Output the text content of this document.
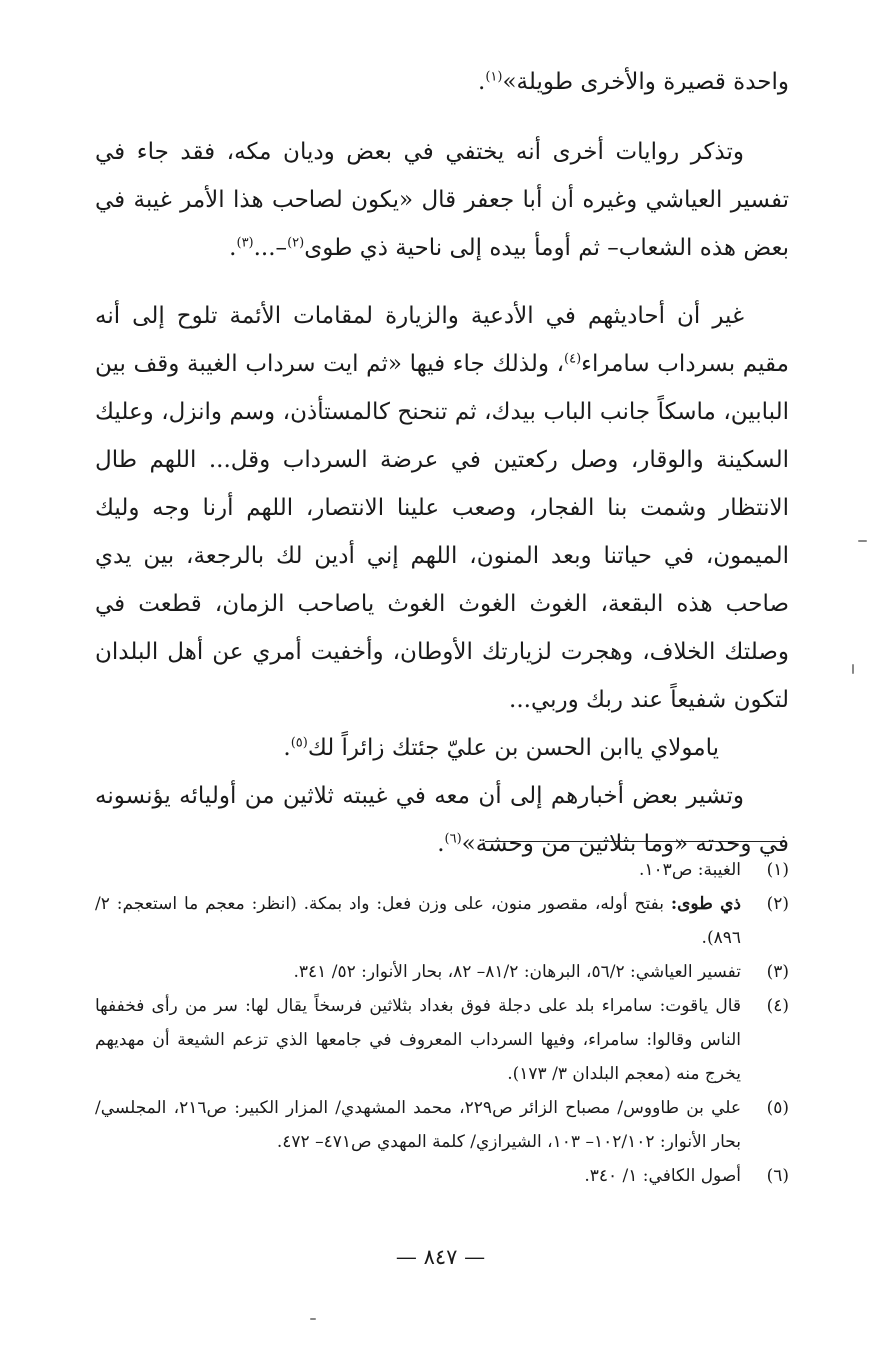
واحدة قصيرة والأخرى طويلة»$^{(١)}$.

وتذكر روايات أخرى أنه يختفي في بعض وديان مكه، فقد جاء في تفسير العياشي وغيره أن أبا جعفر قال «يكون لصاحب هذا الأمر غيبة في بعض هذه الشعاب– ثم أومأ بيده إلى ناحية ذي طوى$^{(٢)}$–...$^{(٣)}$.

غير أن أحاديثهم في الأدعية والزيارة لمقامات الأئمة تلوح إلى أنه مقيم بسرداب سامراء$^{(٤)}$، ولذلك جاء فيها «ثم ايت سرداب الغيبة وقف بين البابين، ماسكاً جانب الباب بيدك، ثم تنحنح كالمستأذن، وسم وانزل، وعليك السكينة والوقار، وصل ركعتين في عرضة السرداب وقل... اللهم طال الانتظار وشمت بنا الفجار، وصعب علينا الانتصار، اللهم أرنا وجه وليك الميمون، في حياتنا وبعد المنون، اللهم إني أدين لك بالرجعة، بين يدي صاحب هذه البقعة، الغوث الغوث الغوث ياصاحب الزمان، قطعت في وصلتك الخلاف، وهجرت لزيارتك الأوطان، وأخفيت أمري عن أهل البلدان لتكون شفيعاً عند ربك وربي...

يامولاي ياابن الحسن بن عليّ جئتك زائراً لك$^{(٥)}$.

وتشير بعض أخبارهم إلى أن معه في غيبته ثلاثين من أوليائه يؤنسونه في وحدته «وما بثلاثين من وحشة»$^{(٦)}$.

(١)
الغيبة: ص١٠٣.
(٢)
ذي طوى: بفتح أوله، مقصور منون، على وزن فعل: واد بمكة. (انظر: معجم ما استعجم: ٢/ ٨٩٦).
(٣)
تفسير العياشي: ٥٦/٢، البرهان: ٨١/٢– ٨٢، بحار الأنوار: ٥٢/ ٣٤١.
(٤)
قال ياقوت: سامراء بلد على دجلة فوق بغداد بثلاثين فرسخاً يقال لها: سر من رأى فخففها الناس وقالوا: سامراء، وفيها السرداب المعروف في جامعها الذي تزعم الشيعة أن مهديهم يخرج منه (معجم البلدان ٣/ ١٧٣).
(٥)
علي بن طاووس/ مصباح الزائر ص٢٢٩، محمد المشهدي/ المزار الكبير: ص٢١٦، المجلسي/ بحار الأنوار: ١٠٢/١٠٢– ١٠٣، الشيرازي/ كلمة المهدي ص٤٧١– ٤٧٢.
(٦)
أصول الكافي: ١/ ٣٤٠.
— ٨٤٧ —
